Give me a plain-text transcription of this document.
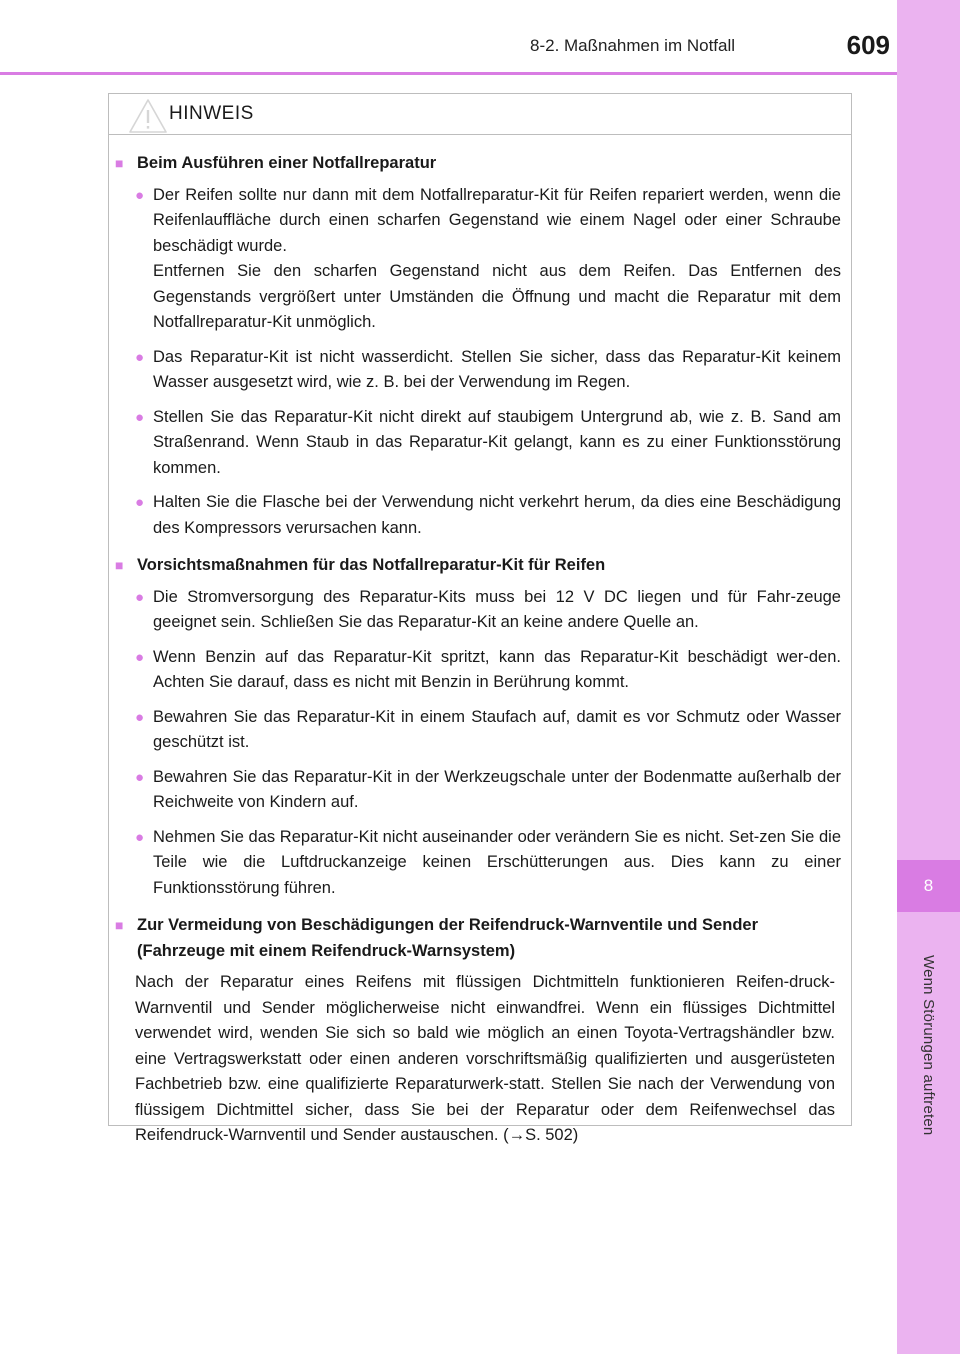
8-2. Maßnahmen im Notfall	609
8
Wenn Störungen auftreten
HINWEIS
■ Beim Ausführen einer Notfallreparatur
● Der Reifen sollte nur dann mit dem Notfallreparatur-Kit für Reifen repariert werden, wenn die Reifenlauffläche durch einen scharfen Gegenstand wie einem Nagel oder einer Schraube beschädigt wurde.
Entfernen Sie den scharfen Gegenstand nicht aus dem Reifen. Das Entfernen des Gegenstands vergrößert unter Umständen die Öffnung und macht die Reparatur mit dem Notfallreparatur-Kit unmöglich.
● Das Reparatur-Kit ist nicht wasserdicht. Stellen Sie sicher, dass das Reparatur-Kit keinem Wasser ausgesetzt wird, wie z. B. bei der Verwendung im Regen.
● Stellen Sie das Reparatur-Kit nicht direkt auf staubigem Untergrund ab, wie z. B. Sand am Straßenrand. Wenn Staub in das Reparatur-Kit gelangt, kann es zu einer Funktionsstörung kommen.
● Halten Sie die Flasche bei der Verwendung nicht verkehrt herum, da dies eine Beschädigung des Kompressors verursachen kann.
■ Vorsichtsmaßnahmen für das Notfallreparatur-Kit für Reifen
● Die Stromversorgung des Reparatur-Kits muss bei 12 V DC liegen und für Fahr-zeuge geeignet sein. Schließen Sie das Reparatur-Kit an keine andere Quelle an.
● Wenn Benzin auf das Reparatur-Kit spritzt, kann das Reparatur-Kit beschädigt wer-den. Achten Sie darauf, dass es nicht mit Benzin in Berührung kommt.
● Bewahren Sie das Reparatur-Kit in einem Staufach auf, damit es vor Schmutz oder Wasser geschützt ist.
● Bewahren Sie das Reparatur-Kit in der Werkzeugschale unter der Bodenmatte außerhalb der Reichweite von Kindern auf.
● Nehmen Sie das Reparatur-Kit nicht auseinander oder verändern Sie es nicht. Set-zen Sie die Teile wie die Luftdruckanzeige keinen Erschütterungen aus. Dies kann zu einer Funktionsstörung führen.
■ Zur Vermeidung von Beschädigungen der Reifendruck-Warnventile und Sender (Fahrzeuge mit einem Reifendruck-Warnsystem)
Nach der Reparatur eines Reifens mit flüssigen Dichtmitteln funktionieren Reifen-druck-Warnventil und Sender möglicherweise nicht einwandfrei. Wenn ein flüssiges Dichtmittel verwendet wird, wenden Sie sich so bald wie möglich an einen Toyota-Vertragshändler bzw. eine Vertragswerkstatt oder einen anderen vorschriftsmäßig qualifizierten und ausgerüsteten Fachbetrieb bzw. eine qualifizierte Reparaturwerk-statt. Stellen Sie nach der Verwendung von flüssigem Dichtmittel sicher, dass Sie bei der Reparatur oder dem Reifenwechsel das Reifendruck-Warnventil und Sender austauschen. (→S. 502)
